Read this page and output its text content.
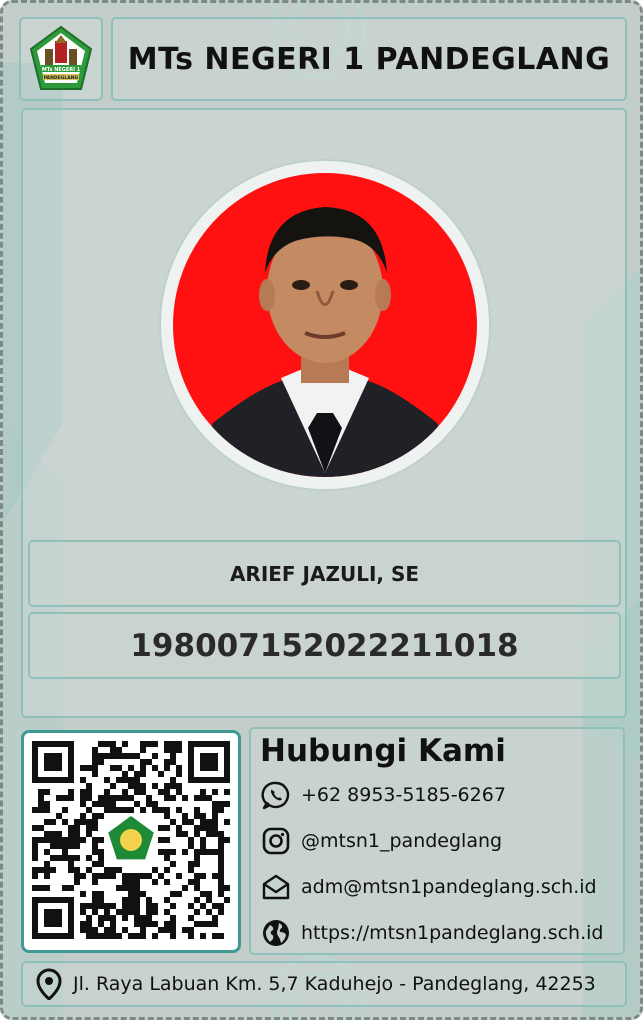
MTs NEGERI 1
PANDEGLANG
MTs NEGERI 1 PANDEGLANG
ARIEF JAZULI, SE
198007152022211018
Hubungi Kami
+62 8953-5185-6267
@mtsn1_pandeglang
adm@mtsn1pandeglang.sch.id
https://mtsn1pandeglang.sch.id
Jl. Raya Labuan Km. 5,7 Kaduhejo - Pandeglang, 42253
